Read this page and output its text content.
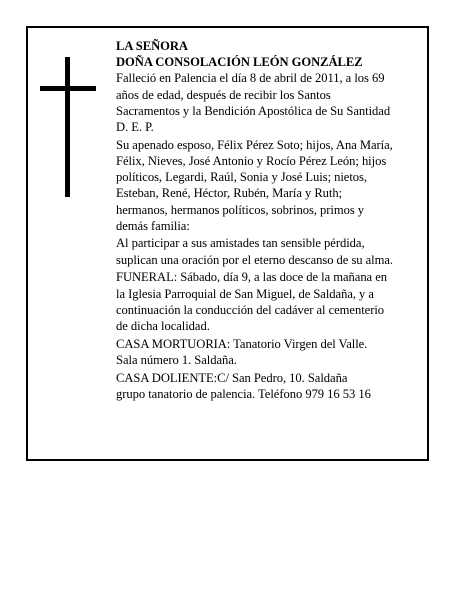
LA SEÑORA
DOÑA CONSOLACIÓN LEÓN GONZÁLEZ
Falleció en Palencia el día 8 de abril de 2011, a los 69
años de edad, después de recibir los Santos
Sacramentos y la Bendición Apostólica de Su Santidad
D. E. P.
Su apenado esposo, Félix Pérez Soto; hijos, Ana María,
Félix, Nieves, José Antonio y Rocío Pérez León; hijos
políticos, Legardi, Raúl, Sonia y José Luis; nietos,
Esteban, René, Héctor, Rubén, María y Ruth;
hermanos, hermanos políticos, sobrinos, primos y
demás familia:
Al participar a sus amistades tan sensible pérdida,
suplican una oración por el eterno descanso de su alma.
FUNERAL: Sábado, día 9, a las doce de la mañana en
la Iglesia Parroquial de San Miguel, de Saldaña, y a
continuación la conducción del cadáver al cementerio
de dicha localidad.
CASA MORTUORIA: Tanatorio Virgen del Valle.
Sala número 1. Saldaña.
CASA DOLIENTE:C/ San Pedro, 10. Saldaña
grupo tanatorio de palencia. Teléfono 979 16 53 16
